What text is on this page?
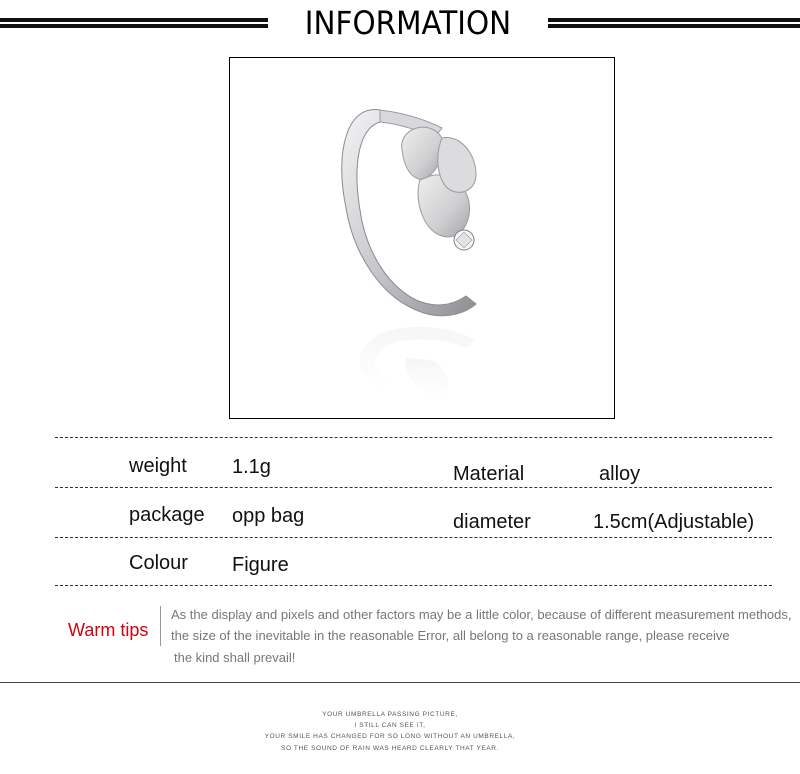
INFORMATION
weight 1.1g	Material	alloy
package opp bag	diameter	1.5cm(Adjustable)
Colour Figure
Warm tips
As the display and pixels and other factors may be a little color, because of different measurement methods,
the size of the inevitable in the reasonable Error, all belong to a reasonable range, please receive
the kind shall prevail!
YOUR UMBRELLA PASSING PICTURE,
I STILL CAN SEE IT,
YOUR SMILE HAS CHANGED FOR SO LONG WITHOUT AN UMBRELLA,
SO THE SOUND OF RAIN WAS HEARD CLEARLY THAT YEAR.
